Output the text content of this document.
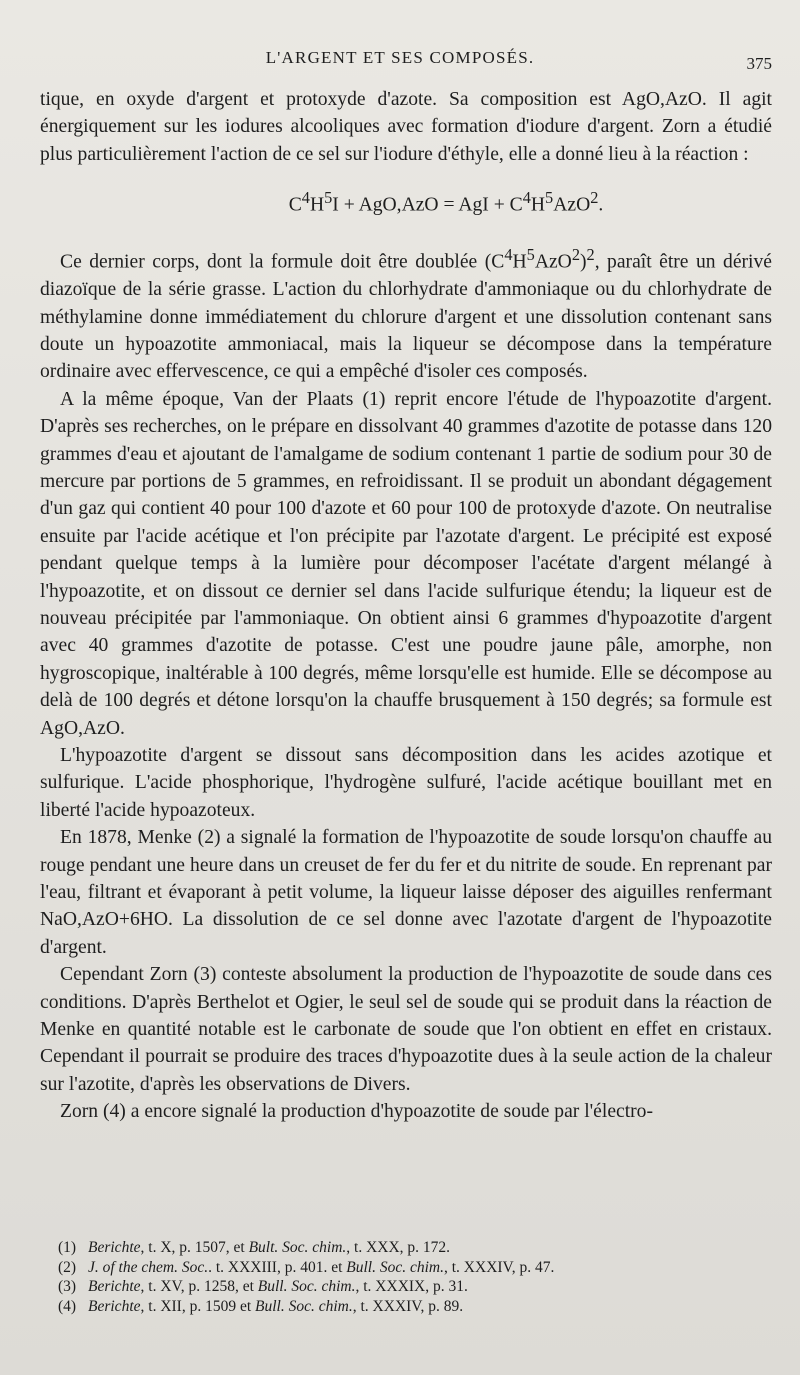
L'ARGENT ET SES COMPOSÉS.	375

tique, en oxyde d'argent et protoxyde d'azote. Sa composition est AgO,AzO. Il agit énergiquement sur les iodures alcooliques avec formation d'iodure d'argent. Zorn a étudié plus particulièrement l'action de ce sel sur l'iodure d'éthyle, elle a donné lieu à la réaction :

$C^4H^5I + AgO,AzO$ = AgI + $C^4H^5AzO^2$.

Ce dernier corps, dont la formule doit être doublée $(C^4H^5AzO^2)^2$, paraît être un dérivé diazoïque de la série grasse. L'action du chlorhydrate d'ammoniaque ou du chlorhydrate de méthylamine donne immédiatement du chlorure d'argent et une dissolution contenant sans doute un hypoazotite ammoniacal, mais la liqueur se décompose dans la température ordinaire avec effervescence, ce qui a empêché d'isoler ces composés.

A la même époque, Van der Plaats (1) reprit encore l'étude de l'hypoazotite d'argent. D'après ses recherches, on le prépare en dissolvant 40 grammes d'azotite de potasse dans 120 grammes d'eau et ajoutant de l'amalgame de sodium contenant 1 partie de sodium pour 30 de mercure par portions de 5 grammes, en refroidissant. Il se produit un abondant dégagement d'un gaz qui contient 40 pour 100 d'azote et 60 pour 100 de protoxyde d'azote. On neutralise ensuite par l'acide acétique et l'on précipite par l'azotate d'argent. Le précipité est exposé pendant quelque temps à la lumière pour décomposer l'acétate d'argent mélangé à l'hypoazotite, et on dissout ce dernier sel dans l'acide sulfurique étendu; la liqueur est de nouveau précipitée par l'ammoniaque. On obtient ainsi 6 grammes d'hypoazotite d'argent avec 40 grammes d'azotite de potasse. C'est une poudre jaune pâle, amorphe, non hygroscopique, inaltérable à 100 degrés, même lorsqu'elle est humide. Elle se décompose au delà de 100 degrés et détone lorsqu'on la chauffe brusquement à 150 degrés; sa formule est AgO,AzO.

L'hypoazotite d'argent se dissout sans décomposition dans les acides azotique et sulfurique. L'acide phosphorique, l'hydrogène sulfuré, l'acide acétique bouillant met en liberté l'acide hypoazoteux.

En 1878, Menke (2) a signalé la formation de l'hypoazotite de soude lorsqu'on chauffe au rouge pendant une heure dans un creuset de fer du fer et du nitrite de soude. En reprenant par l'eau, filtrant et évaporant à petit volume, la liqueur laisse déposer des aiguilles renfermant NaO,AzO+6HO. La dissolution de ce sel donne avec l'azotate d'argent de l'hypoazotite d'argent.

Cependant Zorn (3) conteste absolument la production de l'hypoazotite de soude dans ces conditions. D'après Berthelot et Ogier, le seul sel de soude qui se produit dans la réaction de Menke en quantité notable est le carbonate de soude que l'on obtient en effet en cristaux. Cependant il pourrait se produire des traces d'hypoazotite dues à la seule action de la chaleur sur l'azotite, d'après les observations de Divers.

Zorn (4) a encore signalé la production d'hypoazotite de soude par l'électro-

(1) Berichte, t. X, p. 1507, et Bult. Soc. chim., t. XXX, p. 172.
(2) J. of the chem. Soc.. t. XXXIII, p. 401. et Bull. Soc. chim., t. XXXIV, p. 47.
(3) Berichte, t. XV, p. 1258, et Bull. Soc. chim., t. XXXIX, p. 31.
(4) Berichte, t. XII, p. 1509 et Bull. Soc. chim., t. XXXIV, p. 89.
